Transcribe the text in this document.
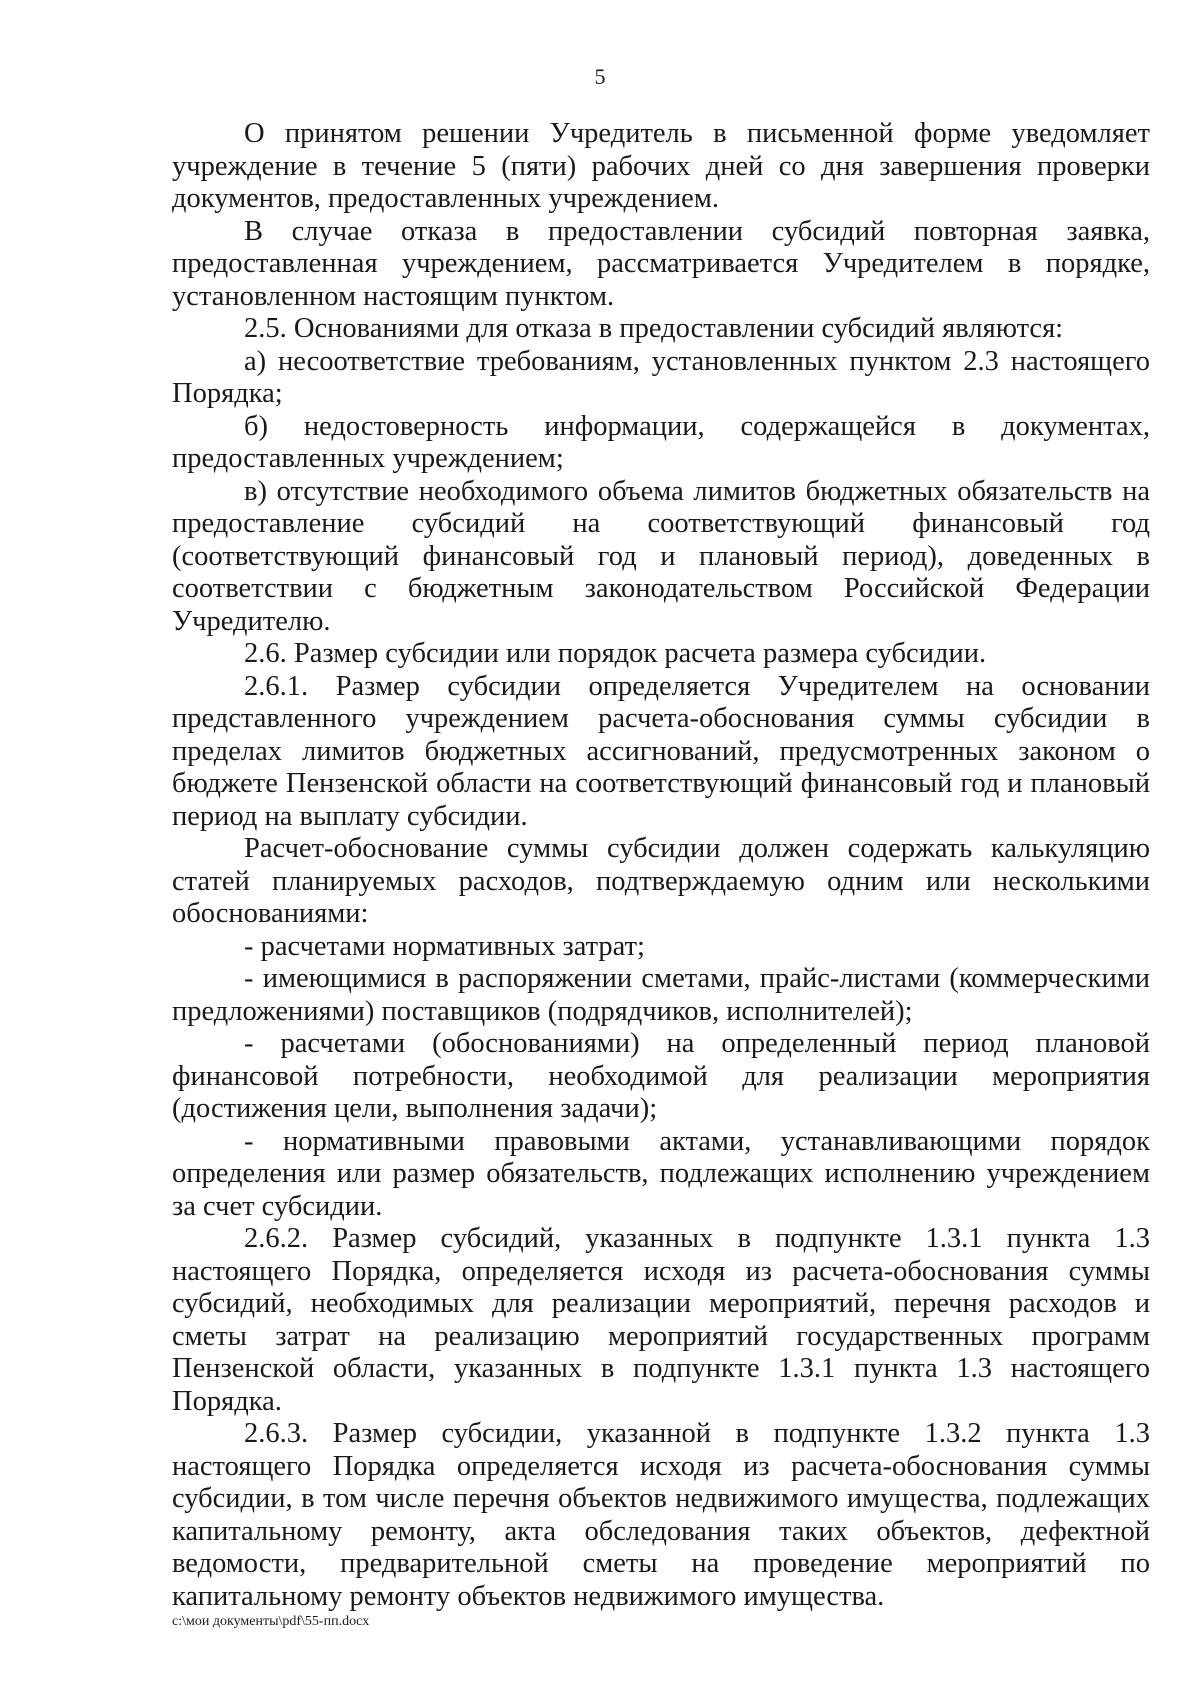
5

О принятом решении Учредитель в письменной форме уведомляет учреждение в течение 5 (пяти) рабочих дней со дня завершения проверки документов, предоставленных учреждением.

В случае отказа в предоставлении субсидий повторная заявка, предоставленная учреждением, рассматривается Учредителем в порядке, установленном настоящим пунктом.

2.5. Основаниями для отказа в предоставлении субсидий являются:

а) несоответствие требованиям, установленных пунктом 2.3 настоящего Порядка;

б) недостоверность информации, содержащейся в документах, предоставленных учреждением;

в) отсутствие необходимого объема лимитов бюджетных обязательств на предоставление субсидий на соответствующий финансовый год (соответствующий финансовый год и плановый период), доведенных в соответствии с бюджетным законодательством Российской Федерации Учредителю.

2.6. Размер субсидии или порядок расчета размера субсидии.

2.6.1. Размер субсидии определяется Учредителем на основании представленного учреждением расчета-обоснования суммы субсидии в пределах лимитов бюджетных ассигнований, предусмотренных законом о бюджете Пензенской области на соответствующий финансовый год и плановый период на выплату субсидии.

Расчет-обоснование суммы субсидии должен содержать калькуляцию статей планируемых расходов, подтверждаемую одним или несколькими обоснованиями:

- расчетами нормативных затрат;

- имеющимися в распоряжении сметами, прайс-листами (коммерческими предложениями) поставщиков (подрядчиков, исполнителей);

- расчетами (обоснованиями) на определенный период плановой финансовой потребности, необходимой для реализации мероприятия (достижения цели, выполнения задачи);

- нормативными правовыми актами, устанавливающими порядок определения или размер обязательств, подлежащих исполнению учреждением за счет субсидии.

2.6.2. Размер субсидий, указанных в подпункте 1.3.1 пункта 1.3 настоящего Порядка, определяется исходя из расчета-обоснования суммы субсидий, необходимых для реализации мероприятий, перечня расходов и сметы затрат на реализацию мероприятий государственных программ Пензенской области, указанных в подпункте 1.3.1 пункта 1.3 настоящего Порядка.

2.6.3. Размер субсидии, указанной в подпункте 1.3.2 пункта 1.3 настоящего Порядка определяется исходя из расчета-обоснования суммы субсидии, в том числе перечня объектов недвижимого имущества, подлежащих капитальному ремонту, акта обследования таких объектов, дефектной ведомости, предварительной сметы на проведение мероприятий по капитальному ремонту объектов недвижимого имущества.

c:\мои документы\pdf\55-пп.docx
